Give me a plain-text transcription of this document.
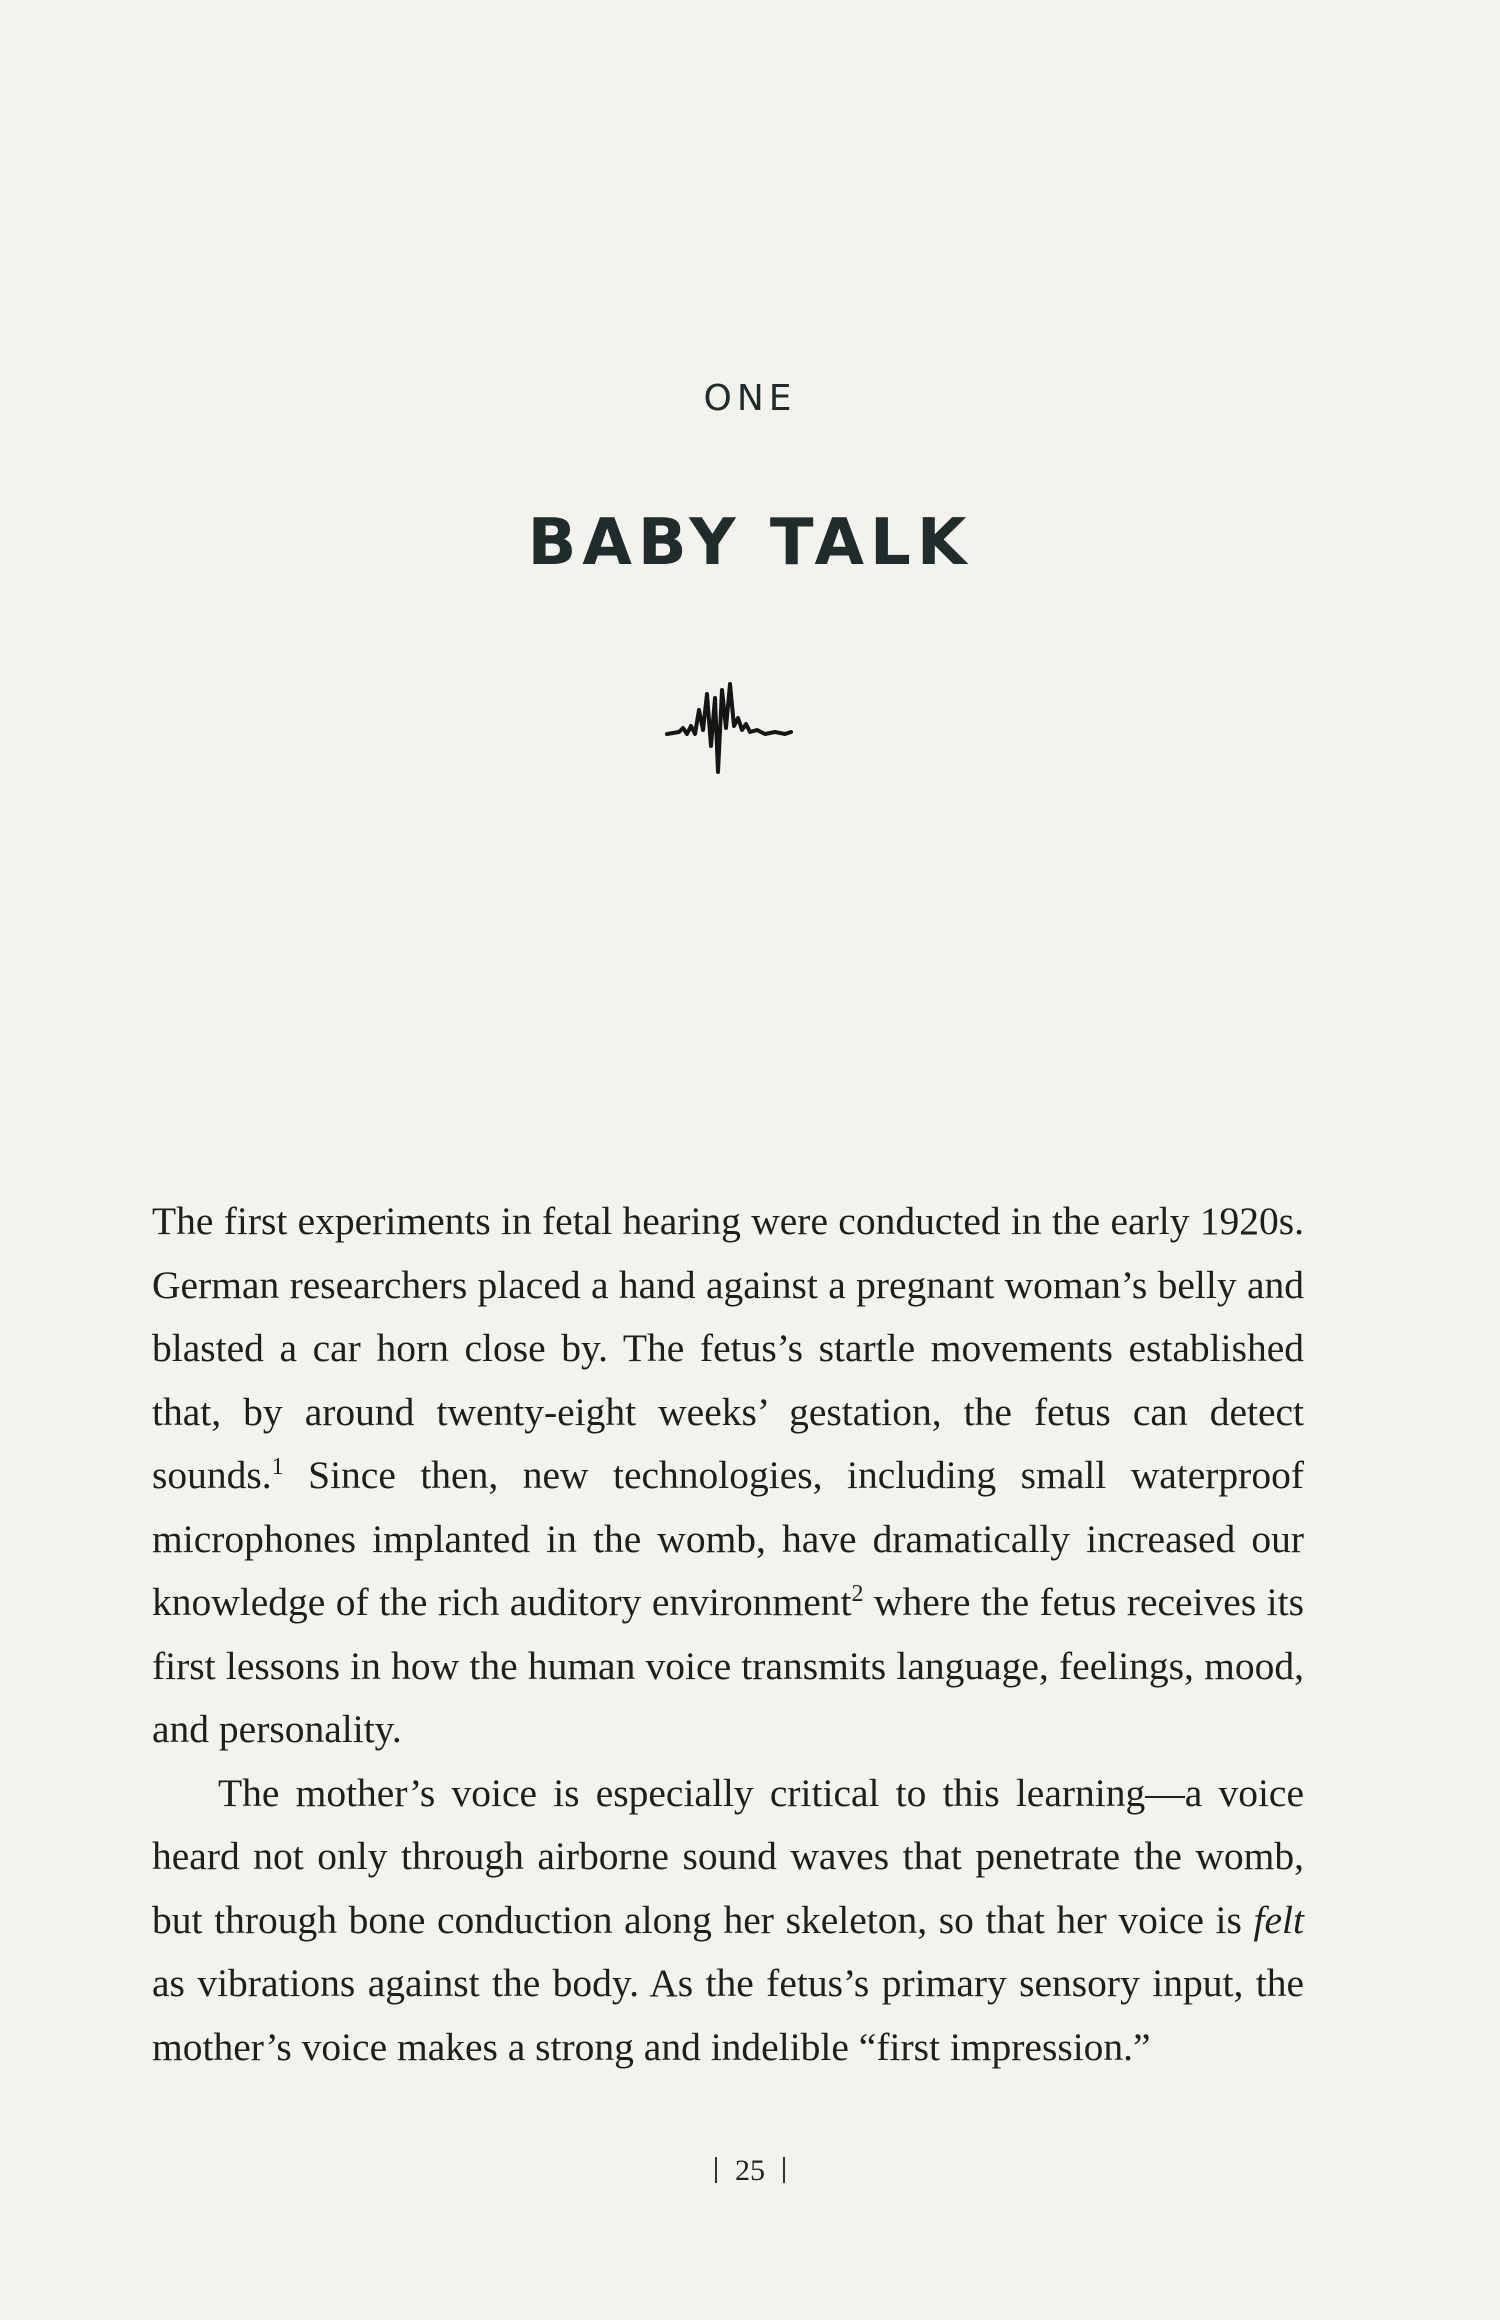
ONE
BABY TALK

The first experiments in fetal hearing were conducted in the early 1920s. German researchers placed a hand against a pregnant woman’s belly and blasted a car horn close by. The fetus’s startle movements established that, by around twenty-eight weeks’ gestation, the fetus can detect sounds.$^1$ Since then, new technologies, including small waterproof microphones implanted in the womb, have dramatically increased our knowledge of the rich auditory environment$^2$ where the fetus receives its first lessons in how the human voice transmits language, feelings, mood, and personality.

The mother’s voice is especially critical to this learning—a voice heard not only through airborne sound waves that penetrate the womb, but through bone conduction along her skeleton, so that her voice is felt as vibrations against the body. As the fetus’s primary sensory input, the mother’s voice makes a strong and indelible “first impression.”

25
